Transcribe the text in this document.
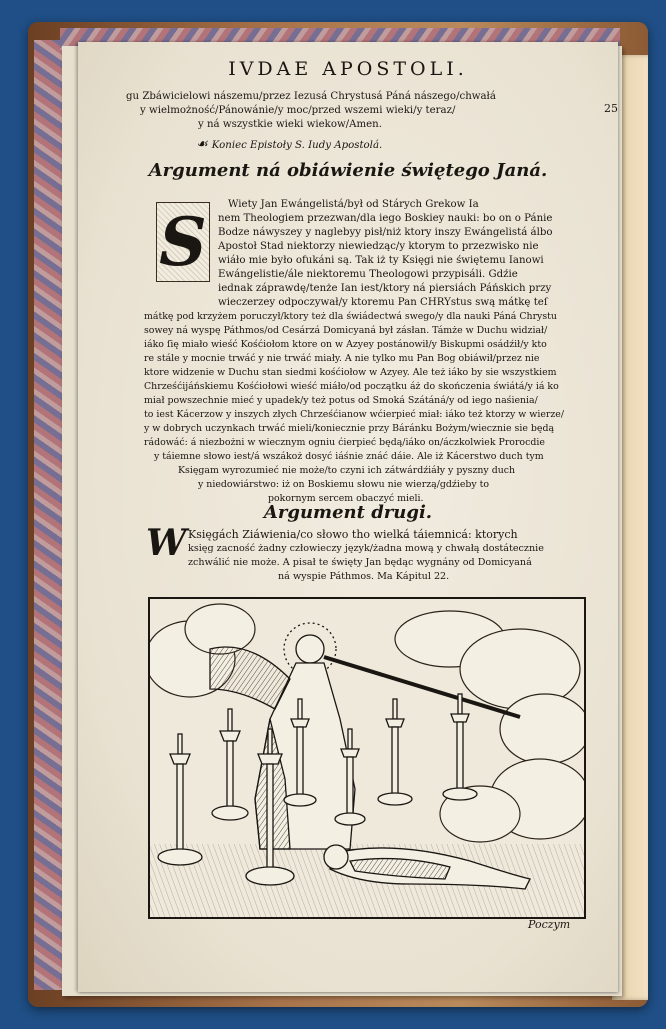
IVDAE APOSTOLI.
25
gu Zbáwicielowi nászemu/przez Iezusá Chrystusá Páná nászego/chwałá
y wielmożność/Pánowánie/y moc/przed wszemi wieki/y teraz/
y ná wszystkie wieki wiekow/Amen.
☙ Koniec Epistoły S. Iudy Apostolá.
Argument ná obiáwienie świętego Janá.
S	Wiety Jan Ewángelistá/był od Stárych Grekow Ia
nem Theologiem przezwan/dla iego Boskiey nauki: bo on o Pánie
Bodze náwyszey y naglebyy pisł/niż ktory inszy Ewángelistá álbo
Apostoł Stad niektorzy niewiedząc/y ktorym to przezwisko nie
wiáło mie było ofukáni są. Tak iż ty Księgi nie świętemu Ianowi
Ewángelistie/ále niektoremu Theologowi przypisáli. Gdźie
iednak záprawdę/tenże Ian iest/ktory ná piersiách Páńskich przy
wieczerzey odpoczywał/y ktoremu Pan CHRYstus swą mátkę teſ
mátkę pod krzyżem poruczył/ktory też dla świádectwá swego/y dla nauki Páná Chrystu
sowey ná wyspę Páthmos/od Cesárzá Domicyaná był zásłan. Támże w Duchu widział/
iáko ſię miało wieść Kośćiołom ktore on w Azyey postánowił/y Biskupmi osádźił/y kto
re stále y mocnie trwáć y nie trwáć miały. A nie tylko mu Pan Bog obiáwił/przez nie
ktore widzenie w Duchu stan siedmi kośćiołow w Azyey. Ale też iáko by sie wszystkiem
Chrześćijáńskiemu Kośćiołowi wieść miáło/od początku áż do skończenia świátá/y iá ko
miał powszechnie mieć y upadek/y też potus od Smoká Szátáná/y od iego naśienia/
to iest Kácerzow y inszych złych Chrześćianow wćierpieć miał: iáko też ktorzy w wierze/
y w dobrych uczynkach trwáć mieli/koniecznie przy Báránku Bożym/wiecznie sie będą
rádowáć: á niezbożni w wiecznym ogniu ćierpieć będą/iáko on/áczkolwiek Prorocdie
y táiemne słowo iest/á wszákoż dosyć iáśnie znáć dáie. Ale iż Kácerstwo duch tym
Księgam wyrozumieć nie może/to czyni ich zátwárdźiáły y pyszny duch
y niedowiárstwo: iż on Boskiemu słowu nie wierzą/gdźieby to
pokornym sercem obaczyć mieli.
Argument drugi.
W Księgách Ziáwienia/co słowo tho wielká táiemnicá: ktorych
księg zacność żadny człowieczy język/żadna mową y chwałą dostátecznie
zchwálić nie może. A pisał te święty Jan będąc wygnány od Domicyaná
ná wyspie Páthmos. Ma Kápitul 22.
Poczym
